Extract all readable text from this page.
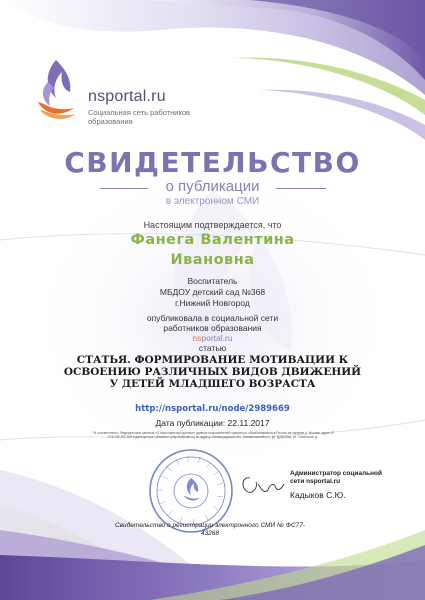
nsportal.ru
Социальная сеть работников образования
СВИДЕТЕЛЬСТВО
о публикации
в электронном СМИ
Настоящим подтверждается, что
Фанега Валентина
Ивановна
Воспитатель
МБДОУ детский сад №368
г.Нижний Новгород
опубликовала в социальной сети
работников образования
nsportal.ru
статью
СТАТЬЯ. ФОРМИРОВАНИЕ МОТИВАЦИИ К ОСВОЕНИЮ РАЗЛИЧНЫХ ВИДОВ ДВИЖЕНИЙ У ДЕТЕЙ МЛАДШЕГО ВОЗРАСТА
http://nsportal.ru/node/2989669
Дата публикации: 22.11.2017
* В соответствии с Федеральным законом «О персональных данных» данные пользователей хранятся и обрабатываются в России на сервере (г. Москва, адрес IP 178.132.202.166 в дата-центре «Selectel» (http://selectel.ru) по адресу: Ленинградская обл., Всеволожский р-н, ул. Дубровка, ул. Советская, д.
Администратор социальной сети nsportal.ru
Кадыков С.Ю.
Свидетельство о регистрации электронного СМИ № ФС77-43268
